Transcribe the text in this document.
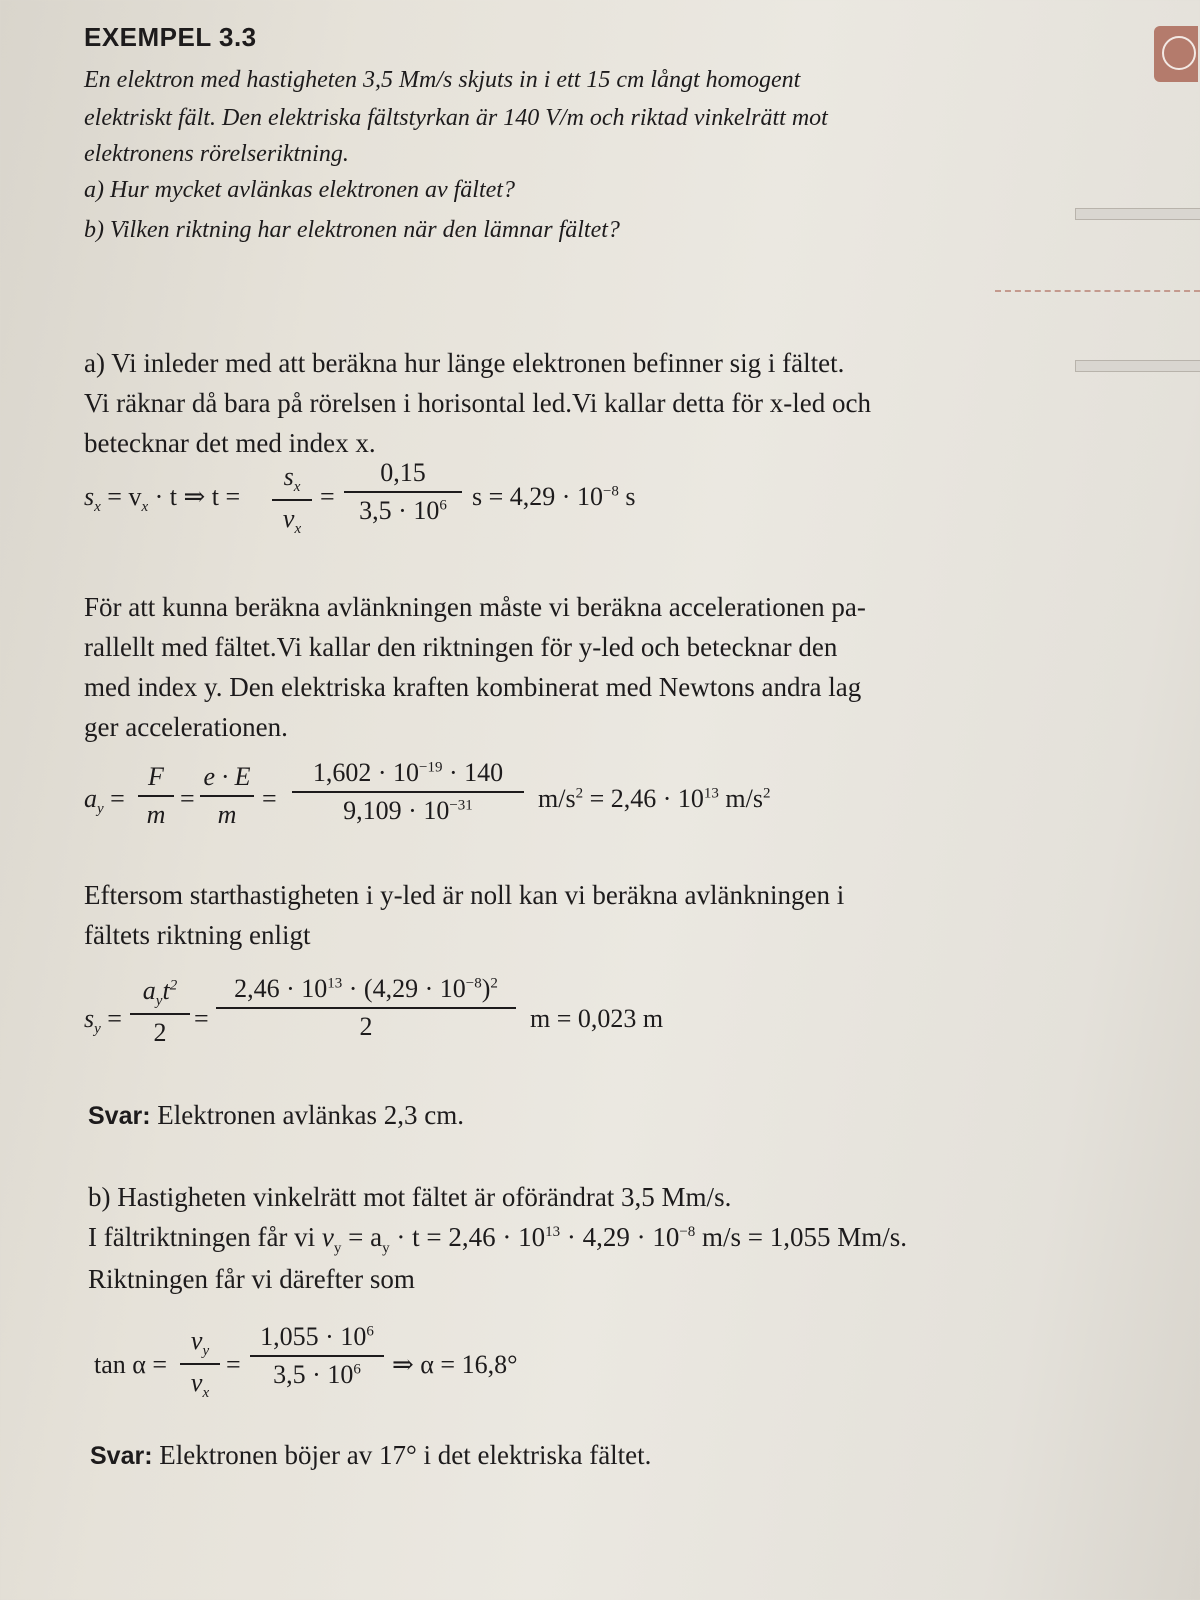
EXEMPEL 3.3
En elektron med hastigheten 3,5 Mm/s skjuts in i ett 15 cm långt homogent
elektriskt fält. Den elektriska fältstyrkan är 140 V/m och riktad vinkelrätt mot
elektronens rörelseriktning.
a) Hur mycket avlänkas elektronen av fältet?
b) Vilken riktning har elektronen när den lämnar fältet?
a) Vi inleder med att beräkna hur länge elektronen befinner sig i fältet.
Vi räknar då bara på rörelsen i horisontal led.Vi kallar detta för x-led och
betecknar det med index x.
$s_x = v_x \cdot t$ ⇒ t =
$s_x$
$v_x$
=
0,15
$3,5 \cdot 10^6$ $s = 4,29 \cdot 10^{-8}$ s
För att kunna beräkna avlänkningen måste vi beräkna accelerationen pa-
rallellt med fältet.Vi kallar den riktningen för y-led och betecknar den
med index y. Den elektriska kraften kombinerat med Newtons andra lag
ger accelerationen.
$a_y$ =
F
m
=
e · E
m
=
$1,602 \cdot 10^{-19} \cdot 140$
$9,109 \cdot 10^{-31}$	$m/s^2 = 2,46 \cdot 10^{13}$ $m/s^2$
Eftersom starthastigheten i y-led är noll kan vi beräkna avlänkningen i
fältets riktning enligt
$s_y$ =
$a_yt^2$
2	=
$2,46 \cdot 10^{13} \cdot (4,29 \cdot 10^{-8})^2$
2	m = 0,023 m
Svar: Elektronen avlänkas 2,3 cm.
b) Hastigheten vinkelrätt mot fältet är oförändrat 3,5 Mm/s.
I fältriktningen får vi $v_y = a_y \cdot t = 2,46 \cdot 10^{13} \cdot 4,29 \cdot 10^{-8}$ m/s = 1,055 Mm/s.
Riktningen får vi därefter som
tan α =
$v_y$
$v_x$
=
$1,055 \cdot 10^6$
$3,5 \cdot 10^6$	⇒ α = 16,8°
Svar: Elektronen böjer av 17° i det elektriska fältet.
